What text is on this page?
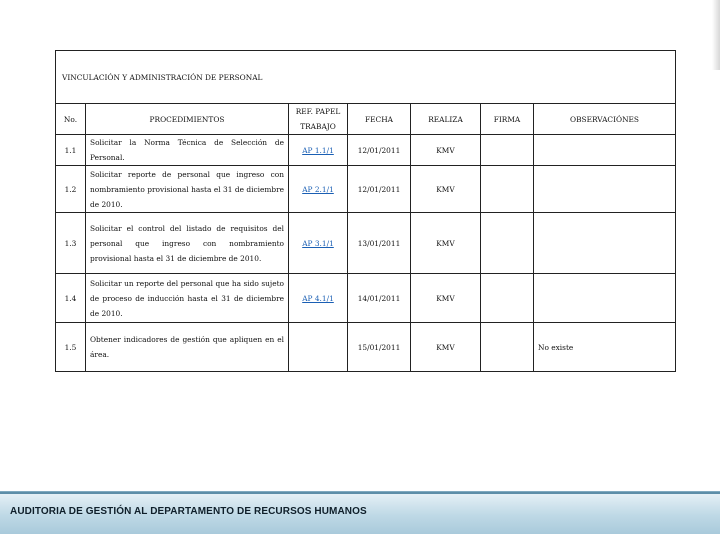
VINCULACIÓN Y ADMINISTRACIÓN DE PERSONAL						
No.	PROCEDIMIENTOS	REF. PAPEL TRABAJO	FECHA	REALIZA	FIRMA	OBSERVACIÓNES
1.1	Solicitar la Norma Técnica de Selección de Personal.	AP 1.1/1	12/01/2011	KMV		
1.2	Solicitar reporte de personal que ingreso con nombramiento provisional hasta el 31 de diciembre de 2010.	AP 2.1/1	12/01/2011	KMV		
1.3	Solicitar el control del listado de requisitos del personal que ingreso con nombramiento provisional hasta el 31 de diciembre de 2010.	AP 3.1/1	13/01/2011	KMV		
1.4	Solicitar un reporte del personal que ha sido sujeto de proceso de inducción hasta el 31 de diciembre de 2010.	AP 4.1/1	14/01/2011	KMV		
1.5	Obtener indicadores de gestión que apliquen en el área.		15/01/2011	KMV		No existe
AUDITORIA DE GESTIÓN AL DEPARTAMENTO DE RECURSOS HUMANOS
